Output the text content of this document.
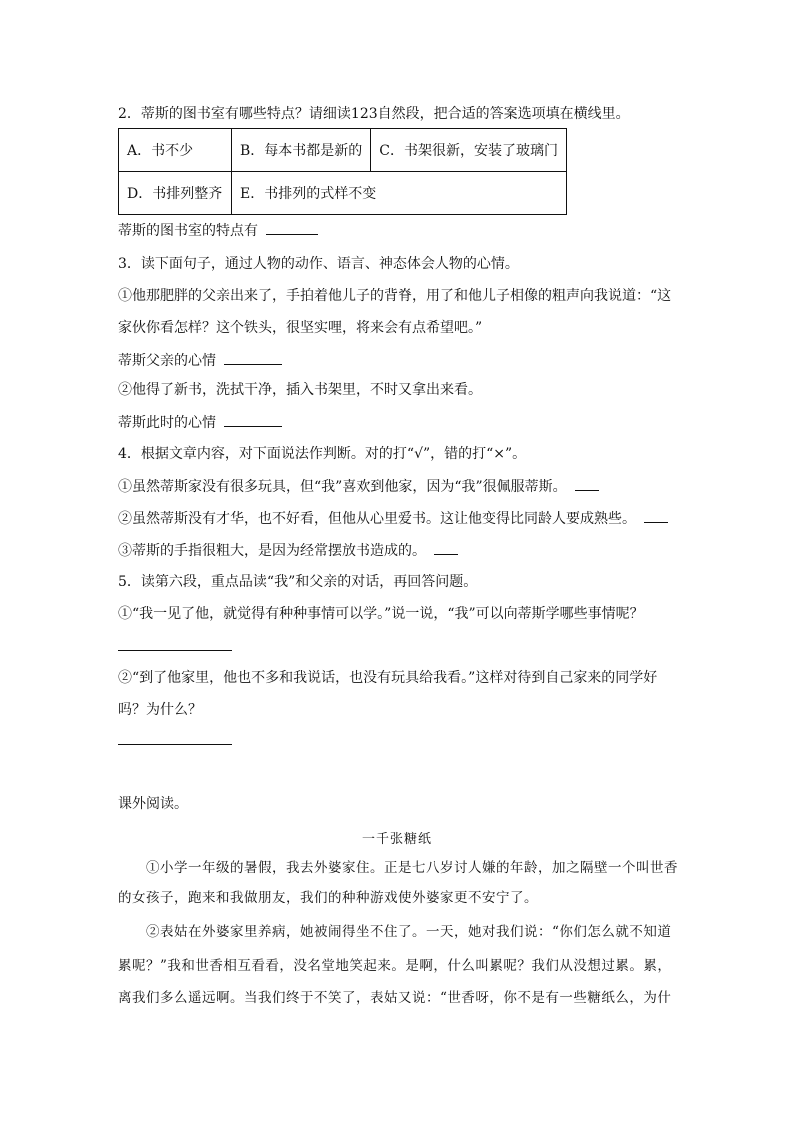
2．蒂斯的图书室有哪些特点？请细读123自然段，把合适的答案选项填在横线里。
A．书不少	B．每本书都是新的	C．书架很新，安装了玻璃门
D．书排列整齐	E．书排列的式样不变	
蒂斯的图书室的特点有
3．读下面句子，通过人物的动作、语言、神态体会人物的心情。
①他那肥胖的父亲出来了，手拍着他儿子的背脊，用了和他儿子相像的粗声向我说道：“这
家伙你看怎样？这个铁头，很坚实哩，将来会有点希望吧。”
蒂斯父亲的心情
②他得了新书，洗拭干净，插入书架里，不时又拿出来看。
蒂斯此时的心情
4．根据文章内容，对下面说法作判断。对的打“√”，错的打“×”。
①虽然蒂斯家没有很多玩具，但“我”喜欢到他家，因为“我”很佩服蒂斯。
②虽然蒂斯没有才华，也不好看，但他从心里爱书。这让他变得比同龄人要成熟些。
③蒂斯的手指很粗大，是因为经常摆放书造成的。
5．读第六段，重点品读“我”和父亲的对话，再回答问题。
①“我一见了他，就觉得有种种事情可以学。”说一说，“我”可以向蒂斯学哪些事情呢？
②“到了他家里，他也不多和我说话，也没有玩具给我看。”这样对待到自己家来的同学好
吗？为什么？
课外阅读。
一千张糖纸
①小学一年级的暑假，我去外婆家住。正是七八岁讨人嫌的年龄，加之隔壁一个叫世香
的女孩子，跑来和我做朋友，我们的种种游戏使外婆家更不安宁了。
②表姑在外婆家里养病，她被闹得坐不住了。一天，她对我们说：“你们怎么就不知道
累呢？”我和世香相互看看，没名堂地笑起来。是啊，什么叫累呢？我们从没想过累。累，
离我们多么遥远啊。当我们终于不笑了，表姑又说：“世香呀，你不是有一些糖纸么，为什
